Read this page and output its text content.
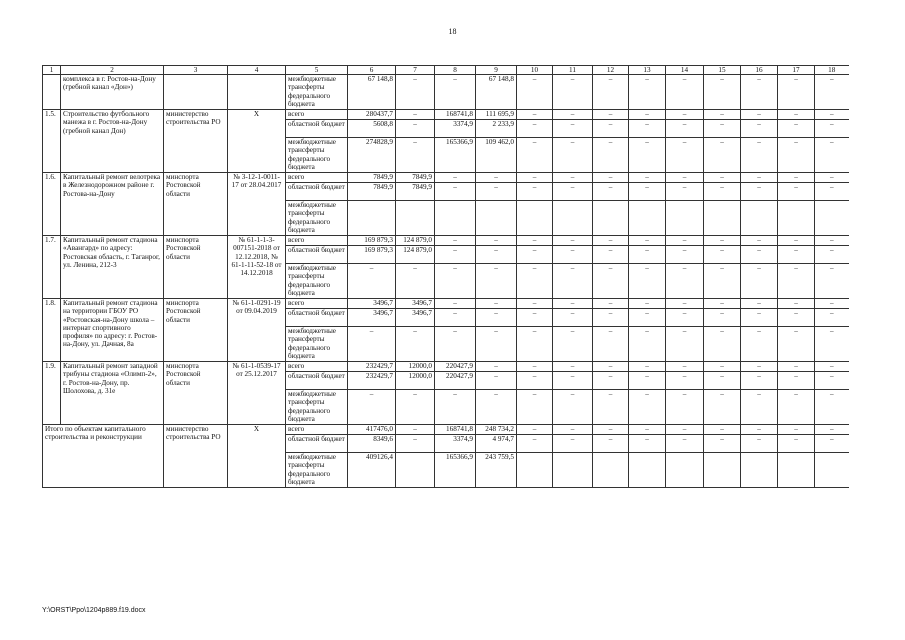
18
1	2	3	4	5	6	7	8	9	10	11	12	13	14	15	16	17	18
	комплекса в г. Ростов-на-Дону (гребной канал «Дон»)			межбюджетные трансферты федерального бюджета	67 148,8	–	–	67 148,8	–	–	–	–	–	–	–	–	–
1.5.	Строительство футбольного манежа в г. Ростов-на-Дону (гребной канал Дон)	министерство строительства РО	Х	всего	280437,7	–	168741,8	111 695,9	–	–	–	–	–	–	–	–	–
				областной бюджет	5608,8	–	3374,9	2 233,9	–	–	–	–	–	–	–	–	–
				межбюджетные трансферты федерального бюджета	274828,9	–	165366,9	109 462,0	–	–	–	–	–	–	–	–	–
1.6.	Капитальный ремонт велотрека в Железнодорожном районе г. Ростова-на-Дону	минспорта Ростовской области	№ 3-12-1-0011-17 от 28.04.2017	всего	7849,9	7849,9	–	–	–	–	–	–	–	–	–	–	–
				областной бюджет	7849,9	7849,9	–	–	–	–	–	–	–	–	–	–	–
				межбюджетные трансферты федерального бюджета													
1.7.	Капитальный ремонт стадиона «Авангард» по адресу: Ростовская область, г. Таганрог, ул. Ленина, 212-3	минспорта Ростовской области	№ 61-1-1-3-007151-2018 от 12.12.2018, № 61-1-11-52-18 от 14.12.2018	всего	169 879,3	124 879,0	–	–	–	–	–	–	–	–	–	–	–
				областной бюджет	169 879,3	124 879,0	–	–	–	–	–	–	–	–	–	–	–
				межбюджетные трансферты федерального бюджета	–	–	–	–	–	–	–	–	–	–	–	–	–
1.8.	Капитальный ремонт стадиона на территории ГБОУ РО «Ростовская-на-Дону школа – интернат спортивного профиля» по адресу: г. Ростов-на-Дону, ул. Дачная, 8а	минспорта Ростовской области	№ 61-1-0291-19 от 09.04.2019	всего	3496,7	3496,7	–	–	–	–	–	–	–	–	–	–	–
				областной бюджет	3496,7	3496,7	–	–	–	–	–	–	–	–	–	–	–
				межбюджетные трансферты федерального бюджета	–	–	–	–	–	–	–	–	–	–	–	–	–
1.9.	Капитальный ремонт западной трибуны стадиона «Олимп-2», г. Ростов-на-Дону, пр. Шолохова, д. 31е	минспорта Ростовской области	№ 61-1-0539-17 от 25.12.2017	всего	232429,7	12000,0	220427,9	–	–	–	–	–	–	–	–	–	–
				областной бюджет	232429,7	12000,0	220427,9	–	–	–	–	–	–	–	–	–	–
				межбюджетные трансферты федерального бюджета	–	–	–	–	–	–	–	–	–	–	–	–	–
Итого по объектам капитального строительства и реконструкции		министерство строительства РО	Х	всего	417476,0	–	168741,8	248 734,2	–	–	–	–	–	–	–	–	–
				областной бюджет	8349,6	–	3374,9	4 974,7	–	–	–	–	–	–	–	–	–
				межбюджетные трансферты федерального бюджета	409126,4		165366,9	243 759,5									
Y:\ORST\Ppo\1204p889.f19.docx
